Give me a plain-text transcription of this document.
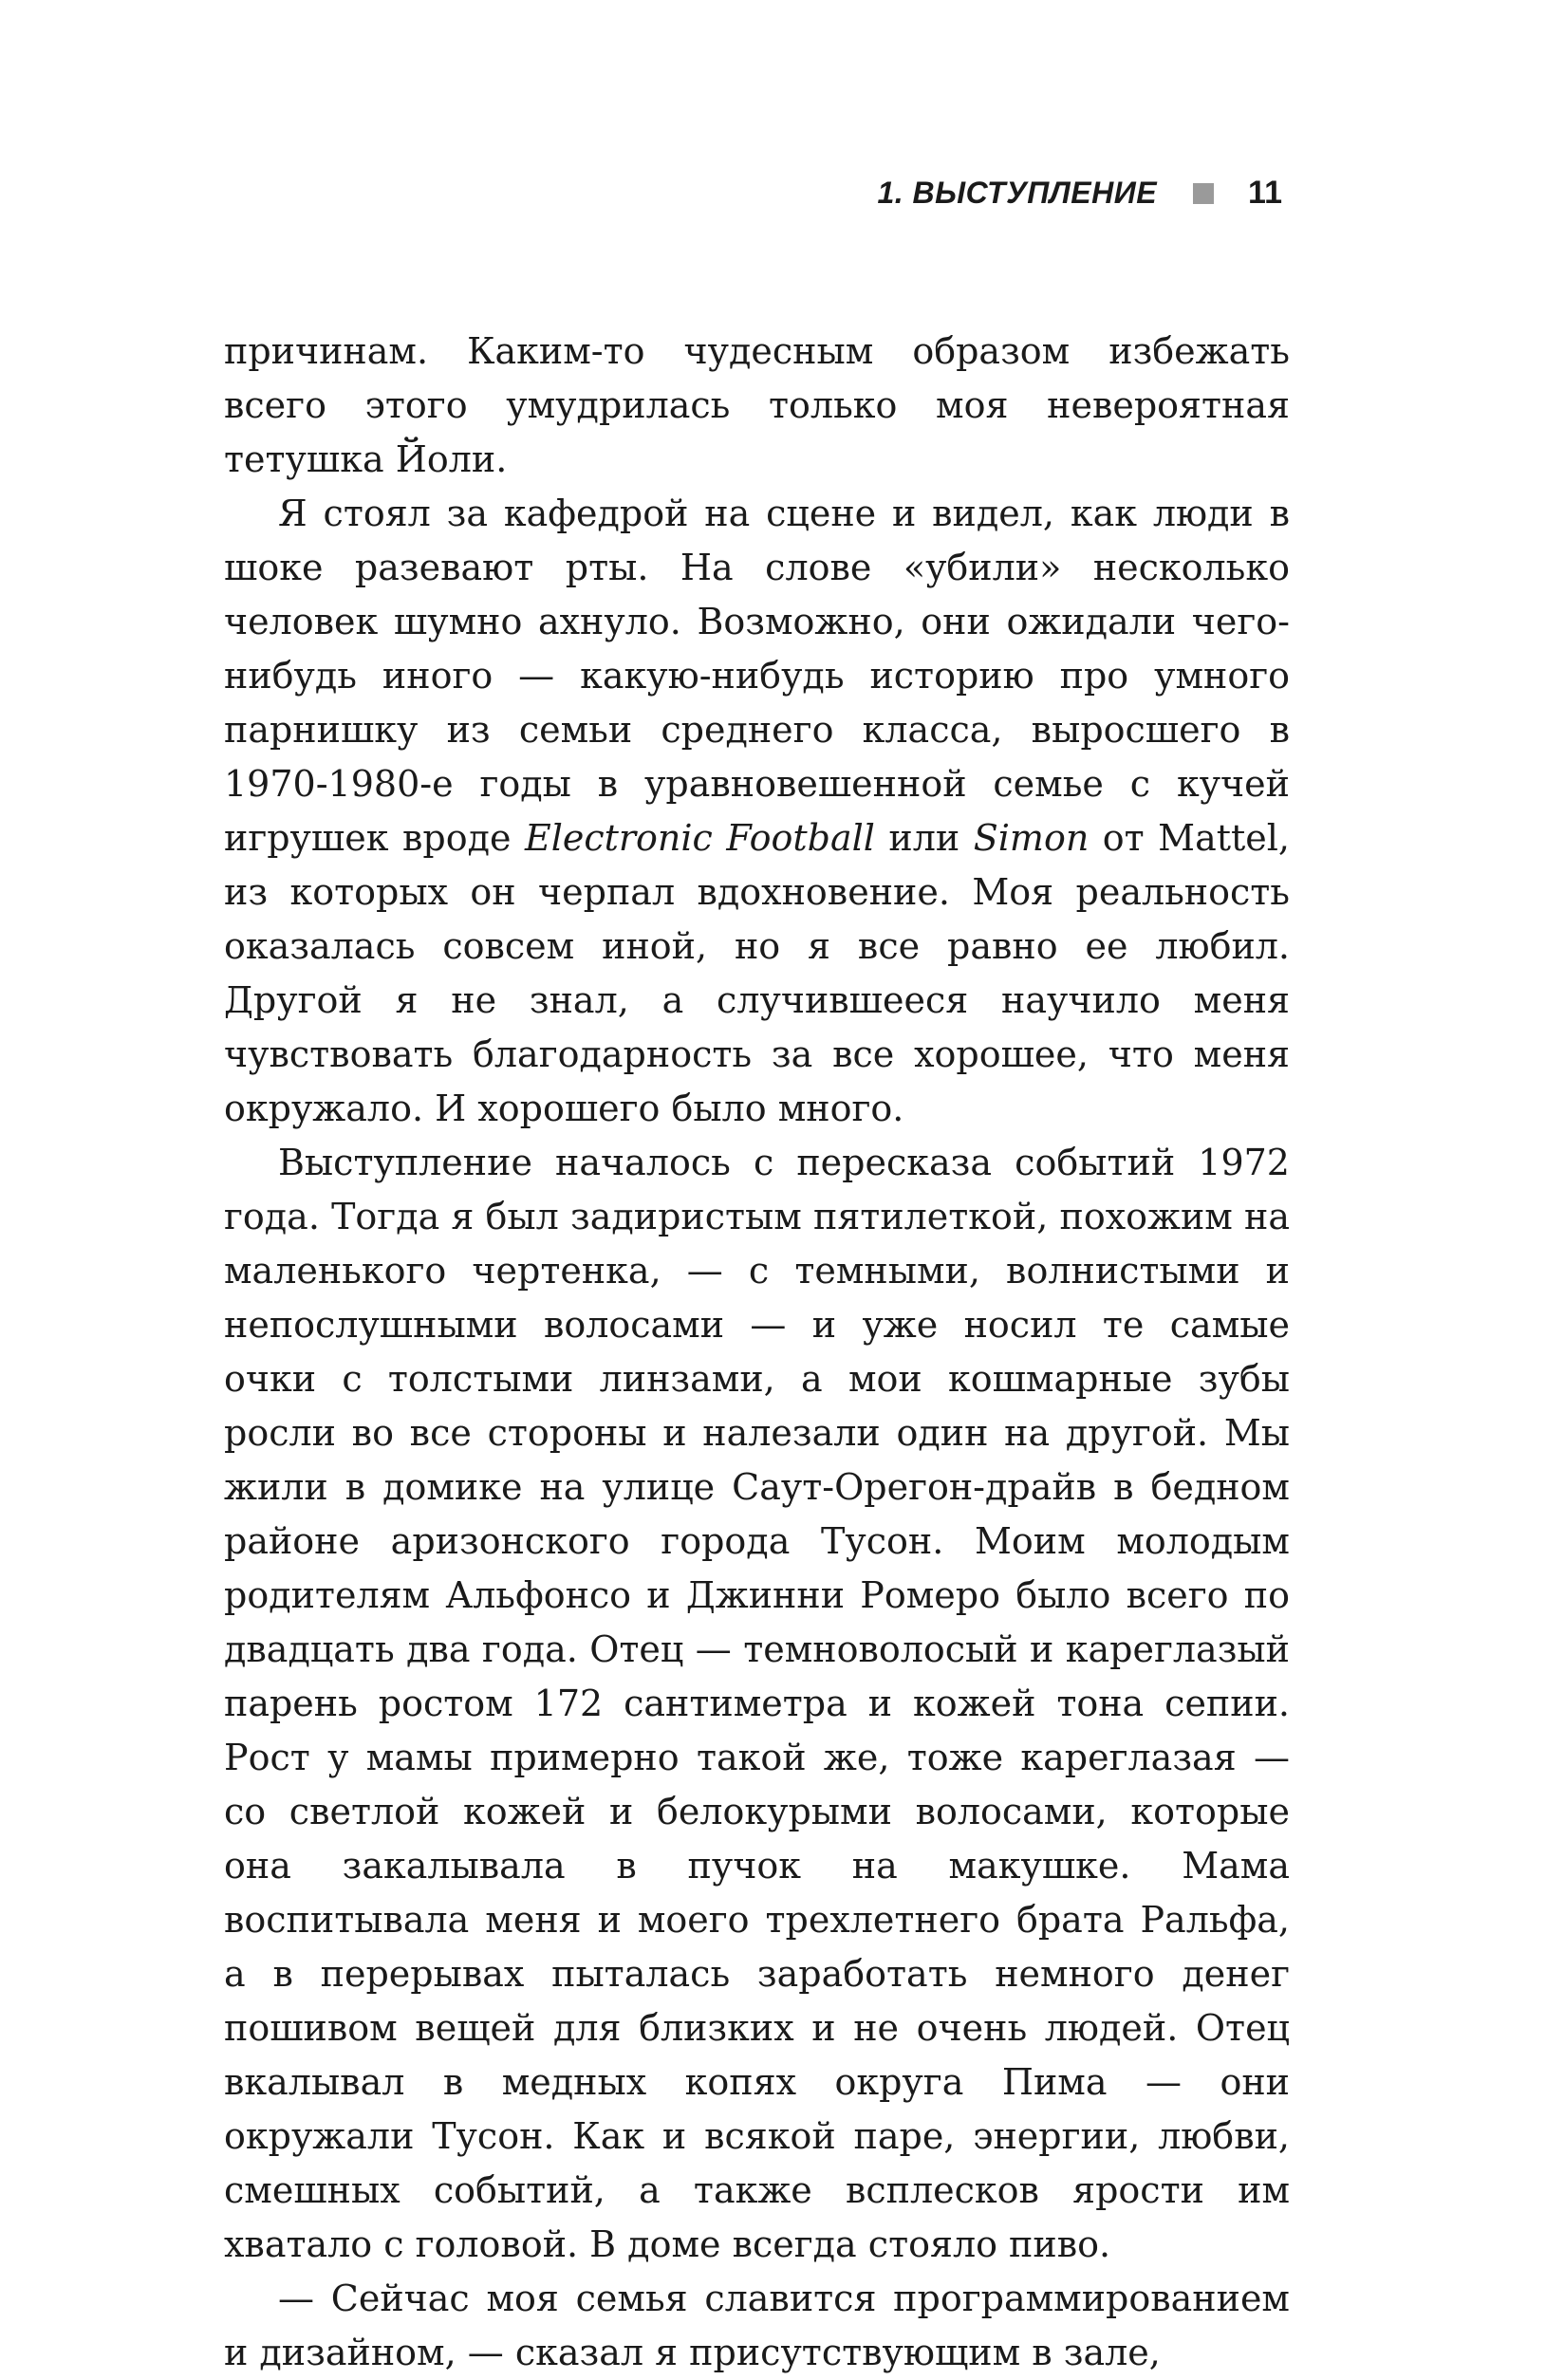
1. ВЫСТУПЛЕНИЕ	11

причинам. Каким-то чудесным образом избежать всего этого умудрилась только моя невероятная тетушка Йоли.

Я стоял за кафедрой на сцене и видел, как люди в шоке разевают рты. На слове «убили» несколько человек шумно ахнуло. Возможно, они ожидали чего-нибудь иного — какую-нибудь историю про умного парнишку из семьи среднего класса, выросшего в 1970-1980-е годы в уравновешенной семье с кучей игрушек вроде Electronic Football или Simon от Mattel, из которых он черпал вдохновение. Моя реальность оказалась совсем иной, но я все равно ее любил. Другой я не знал, а случившееся научило меня чувствовать благодарность за все хорошее, что меня окружало. И хорошего было много.

Выступление началось с пересказа событий 1972 года. Тогда я был задиристым пятилеткой, похожим на маленького чертенка, — с темными, волнистыми и непослушными волосами — и уже носил те самые очки с толстыми линзами, а мои кошмарные зубы росли во все стороны и налезали один на другой. Мы жили в домике на улице Саут-Орегон-драйв в бедном районе аризонского города Тусон. Моим молодым родителям Альфонсо и Джинни Ромеро было всего по двадцать два года. Отец — темноволосый и кареглазый парень ростом 172 сантиметра и кожей тона сепии. Рост у мамы примерно такой же, тоже кареглазая — со светлой кожей и белокурыми волосами, которые она закалывала в пучок на макушке. Мама воспитывала меня и моего трехлетнего брата Ральфа, а в перерывах пыталась заработать немного денег пошивом вещей для близких и не очень людей. Отец вкалывал в медных копях округа Пима — они окружали Тусон. Как и всякой паре, энергии, любви, смешных событий, а также всплесков ярости им хватало с головой. В доме всегда стояло пиво.

— Сейчас моя семья славится программированием и дизайном, — сказал я присутствующим в зале,
